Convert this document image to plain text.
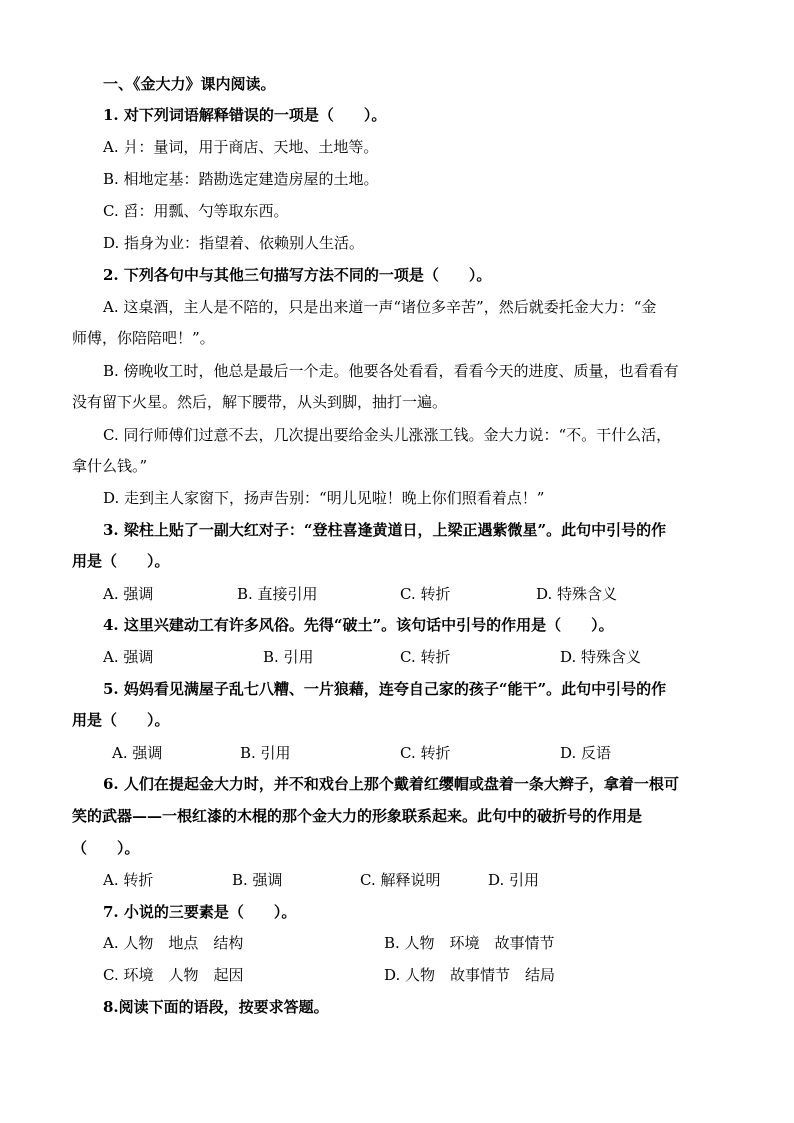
一、《金大力》课内阅读。
1. 对下列词语解释错误的一项是（　　）。
A. 爿：量词，用于商店、天地、土地等。
B. 相地定基：踏勘选定建造房屋的土地。
C. 舀：用瓢、勺等取东西。
D. 指身为业：指望着、依赖别人生活。
2. 下列各句中与其他三句描写方法不同的一项是（　　）。
A. 这桌酒，主人是不陪的，只是出来道一声“诸位多辛苦”，然后就委托金大力：“金
师傅，你陪陪吧！”。
B. 傍晚收工时，他总是最后一个走。他要各处看看，看看今天的进度、质量，也看看有
没有留下火星。然后，解下腰带，从头到脚，抽打一遍。
C. 同行师傅们过意不去，几次提出要给金头儿涨涨工钱。金大力说：“不。干什么活，
拿什么钱。”
D. 走到主人家窗下，扬声告别：“明儿见啦！晚上你们照看着点！”
3. 梁柱上贴了一副大红对子：“登柱喜逢黄道日，上梁正遇紫微星”。此句中引号的作
用是（　　）。
A. 强调	B. 直接引用	C. 转折	D. 特殊含义
4. 这里兴建动工有许多风俗。先得“破土”。该句话中引号的作用是（　　）。
A. 强调	B. 引用	C. 转折	D. 特殊含义
5. 妈妈看见满屋子乱七八糟、一片狼藉，连夸自己家的孩子“能干”。此句中引号的作
用是（　　）。
A. 强调	B. 引用	C. 转折	D. 反语
6. 人们在提起金大力时，并不和戏台上那个戴着红缨帽或盘着一条大辫子，拿着一根可
笑的武器——一根红漆的木棍的那个金大力的形象联系起来。此句中的破折号的作用是
（　　）。
A. 转折	B. 强调	C. 解释说明	D. 引用
7. 小说的三要素是（　　）。
A. 人物　地点　结构	B. 人物　环境　故事情节
C. 环境　人物　起因	D. 人物　故事情节　结局
8.阅读下面的语段，按要求答题。
